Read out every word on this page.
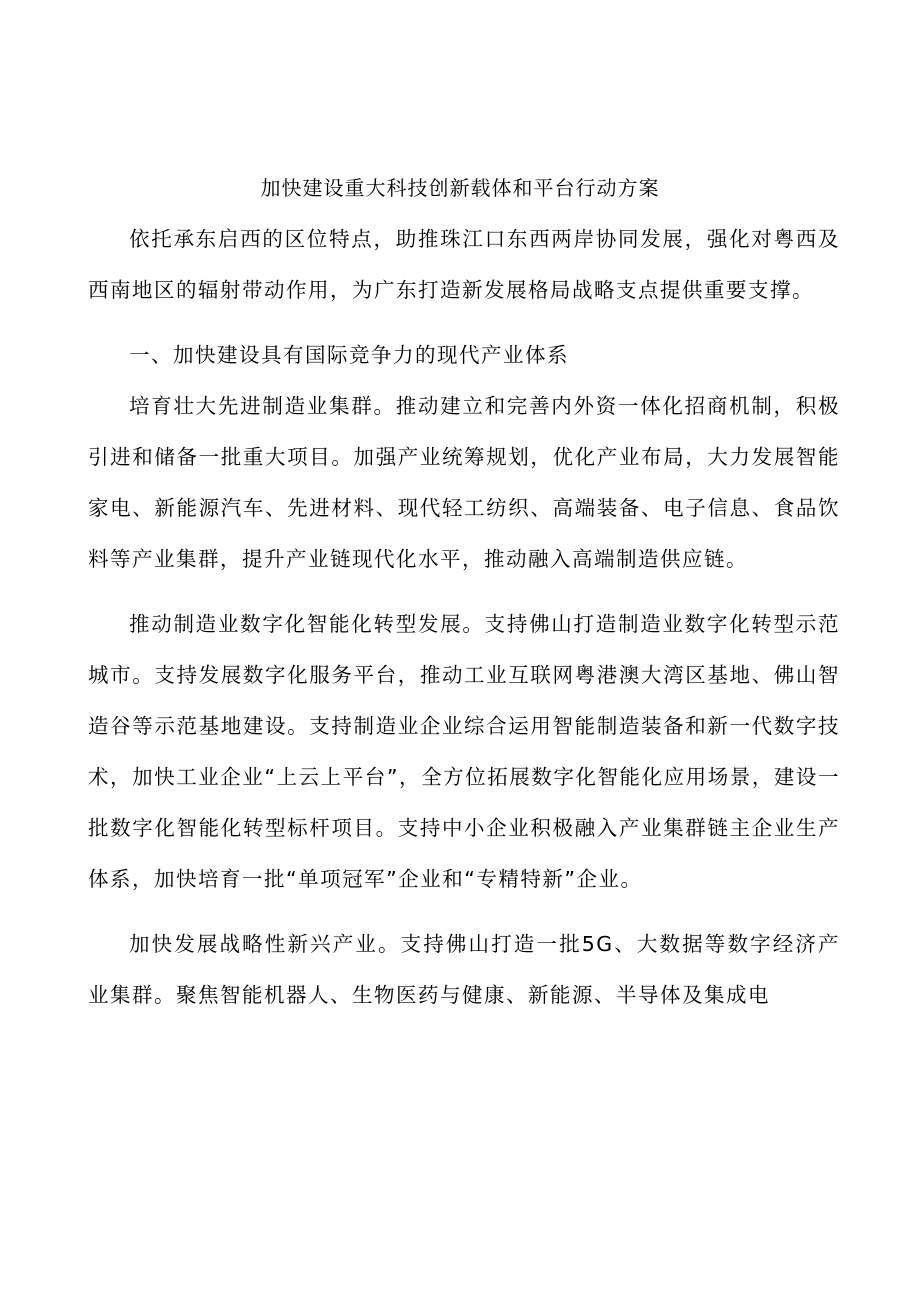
加快建设重大科技创新载体和平台行动方案

依托承东启西的区位特点，助推珠江口东西两岸协同发展，强化对粤西及西南地区的辐射带动作用，为广东打造新发展格局战略支点提供重要支撑。

一、加快建设具有国际竞争力的现代产业体系

培育壮大先进制造业集群。推动建立和完善内外资一体化招商机制，积极引进和储备一批重大项目。加强产业统筹规划，优化产业布局，大力发展智能家电、新能源汽车、先进材料、现代轻工纺织、高端装备、电子信息、食品饮料等产业集群，提升产业链现代化水平，推动融入高端制造供应链。

推动制造业数字化智能化转型发展。支持佛山打造制造业数字化转型示范城市。支持发展数字化服务平台，推动工业互联网粤港澳大湾区基地、佛山智造谷等示范基地建设。支持制造业企业综合运用智能制造装备和新一代数字技术，加快工业企业“上云上平台”，全方位拓展数字化智能化应用场景，建设一批数字化智能化转型标杆项目。支持中小企业积极融入产业集群链主企业生产体系，加快培育一批“单项冠军”企业和“专精特新”企业。

加快发展战略性新兴产业。支持佛山打造一批5G、大数据等数字经济产业集群。聚焦智能机器人、生物医药与健康、新能源、半导体及集成电
